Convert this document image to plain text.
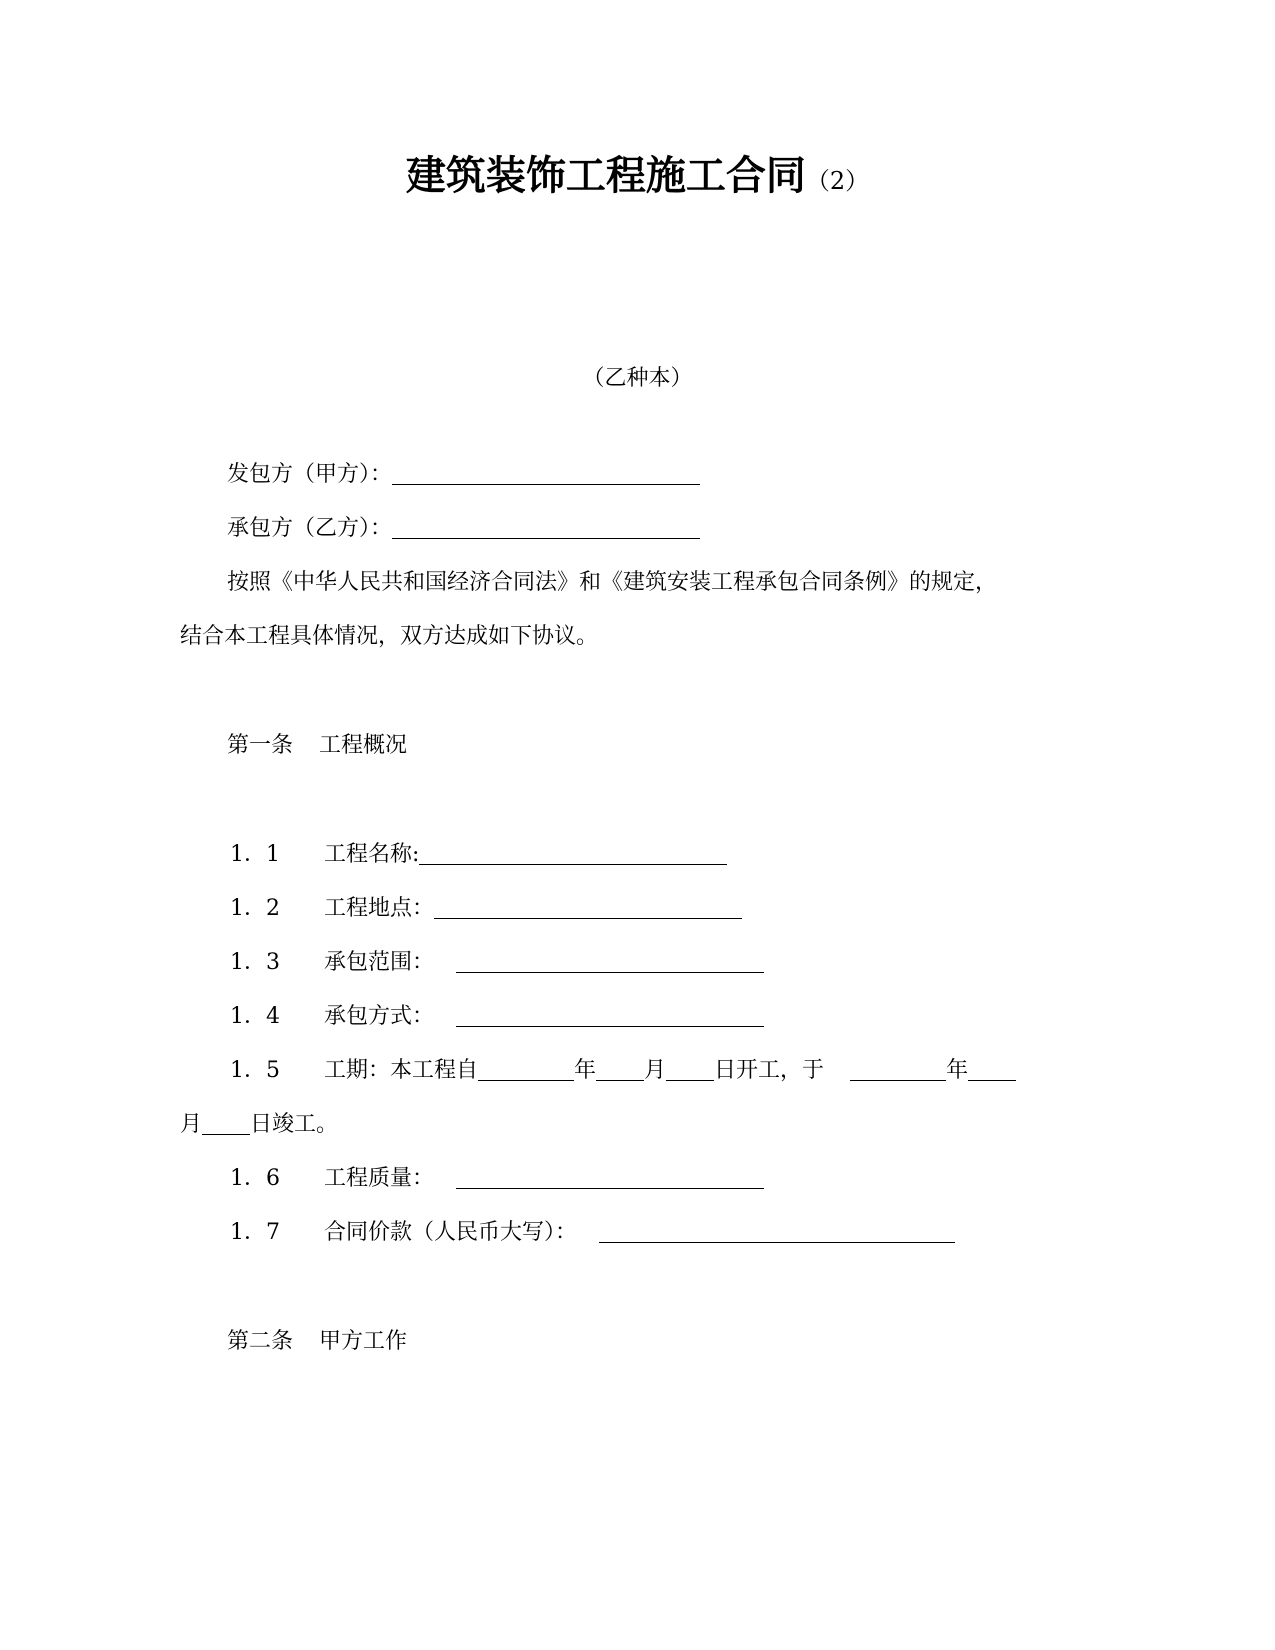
建筑装饰工程施工合同（2）
（乙种本）
发包方（甲方）：
承包方（乙方）：
按照《中华人民共和国经济合同法》和《建筑安装工程承包合同条例》的规定，
结合本工程具体情况，双方达成如下协议。
第一条 工程概况
1．1 工程名称:
1．2 工程地点：
1．3 承包范围：
1．4 承包方式：
1．5 工期：本工程自	年 月 日开工，于	年
月 日竣工。
1．6 工程质量：
1．7 合同价款（人民币大写）：
第二条 甲方工作
